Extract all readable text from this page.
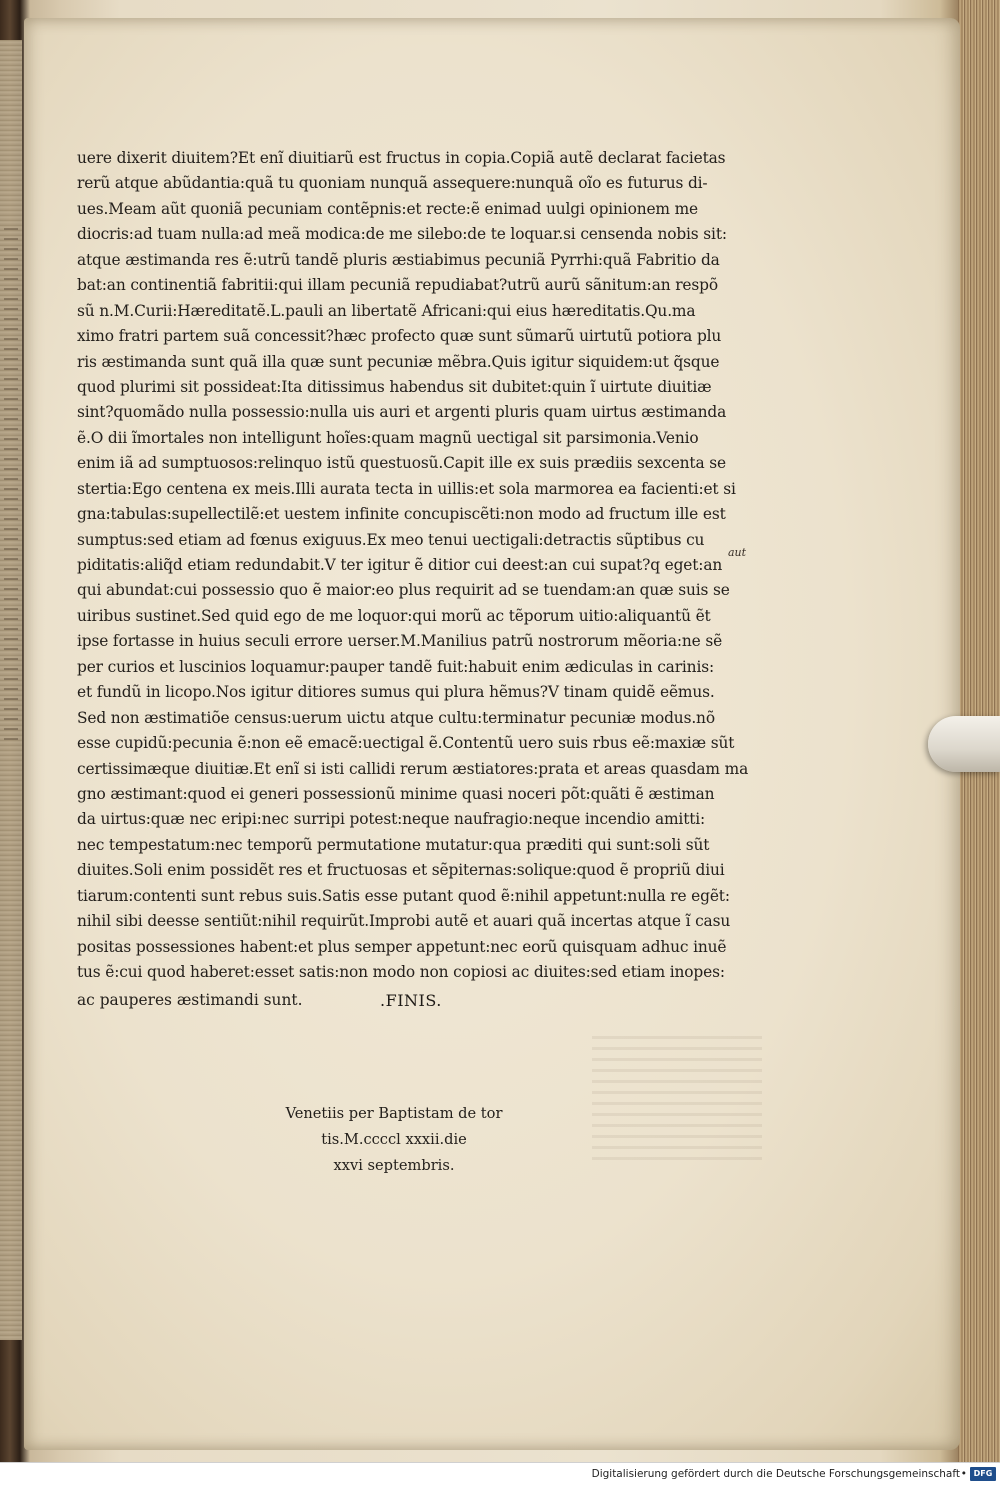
uere dixerit diuitem?Et enĩ diuitiarũ est fructus in copia.Copiã autẽ declarat facietas
rerũ atque abũdantia:quã tu quoniam nunquã assequere:nunquã oĩo es futurus di-
ues.Meam aũt quoniã pecuniam contẽpnis:et recte:ẽ enimad uulgi opinionem me
diocris:ad tuam nulla:ad meã modica:de me silebo:de te loquar.si censenda nobis sit:
atque æstimanda res ẽ:utrũ tandẽ pluris æstiabimus pecuniã Pyrrhi:quã Fabritio da
bat:an continentiã fabritii:qui illam pecuniã repudiabat?utrũ aurũ sãnitum:an respõ
sũ n.M.Curii:Hæreditatẽ.L.pauli an libertatẽ Africani:qui eius hæreditatis.Qu.ma
ximo fratri partem suã concessit?hæc profecto quæ sunt sũmarũ uirtutũ potiora plu
ris æstimanda sunt quã illa quæ sunt pecuniæ mẽbra.Quis igitur siquidem:ut q̃sque
quod plurimi sit possideat:Ita ditissimus habendus sit dubitet:quin ĩ uirtute diuitiæ
sint?quomãdo nulla possessio:nulla uis auri et argenti pluris quam uirtus æstimanda
ẽ.O dii ĩmortales non intelligunt hoĩes:quam magnũ uectigal sit parsimonia.Venio
enim iã ad sumptuosos:relinquo istũ questuosũ.Capit ille ex suis prædiis sexcenta se
stertia:Ego centena ex meis.Illi aurata tecta in uillis:et sola marmorea ea facienti:et si
gna:tabulas:supellectilẽ:et uestem infinite concupiscẽti:non modo ad fructum ille est
sumptus:sed etiam ad fœnus exiguus.Ex meo tenui uectigali:detractis sũptibus cu
piditatis:aliq̃d etiam redundabit.V ter igitur ẽ ditior cui deest:an cui supat?q eget:an
qui abundat:cui possessio quo ẽ maior:eo plus requirit ad se tuendam:an quæ suis se
uiribus sustinet.Sed quid ego de me loquor:qui morũ ac tẽporum uitio:aliquantũ ẽt
ipse fortasse in huius seculi errore uerser.M.Manilius patrũ nostrorum mẽoria:ne sẽ
per curios et luscinios loquamur:pauper tandẽ fuit:habuit enim ædiculas in carinis:
et fundũ in licopo.Nos igitur ditiores sumus qui plura hẽmus?V tinam quidẽ eẽmus.
Sed non æstimatiõe census:uerum uictu atque cultu:terminatur pecuniæ modus.nõ
esse cupidũ:pecunia ẽ:non eẽ emacẽ:uectigal ẽ.Contentũ uero suis rbus eẽ:maxiæ sũt
certissimæque diuitiæ.Et enĩ si isti callidi rerum æstiatores:prata et areas quasdam ma
gno æstimant:quod ei generi possessionũ minime quasi noceri põt:quãti ẽ æstiman
da uirtus:quæ nec eripi:nec surripi potest:neque naufragio:neque incendio amitti:
nec tempestatum:nec temporũ permutatione mutatur:qua præditi qui sunt:soli sũt
diuites.Soli enim possidẽt res et fructuosas et sẽpiternas:solique:quod ẽ propriũ diui
tiarum:contenti sunt rebus suis.Satis esse putant quod ẽ:nihil appetunt:nulla re egẽt:
nihil sibi deesse sentiũt:nihil requirũt.Improbi autẽ et auari quã incertas atque ĩ casu
positas possessiones habent:et plus semper appetunt:nec eorũ quisquam adhuc inuẽ
tus ẽ:cui quod haberet:esset satis:non modo non copiosi ac diuites:sed etiam inopes:
ac pauperes æstimandi sunt.	.FINIS.
aut
Venetiis per Baptistam de tor
tis.M.ccccl xxxii.die
xxvi septembris.
Digitalisierung gefördert durch die Deutsche Forschungsgemeinschaft • DFG
